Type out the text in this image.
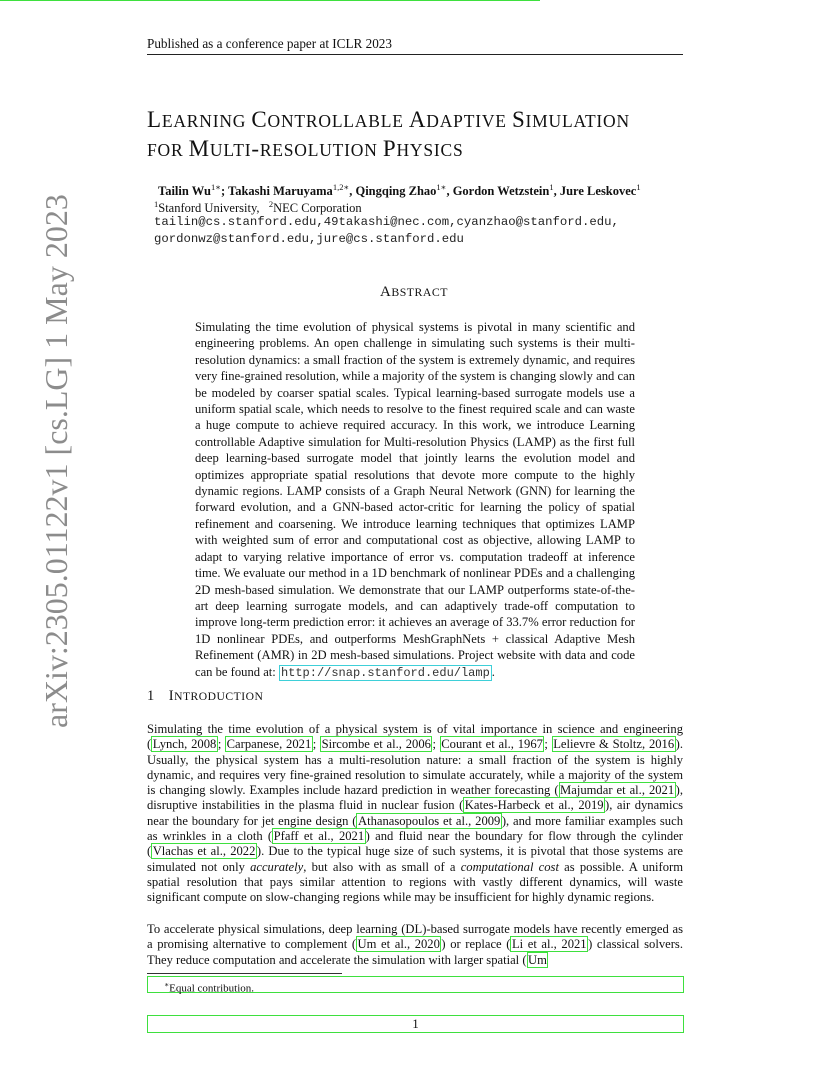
Published as a conference paper at ICLR 2023
LEARNING CONTROLLABLE ADAPTIVE SIMULATION
FOR MULTI-RESOLUTION PHYSICS
Tailin $Wu^{1∗}$; Takashi Maruyama$^{1,2∗}$, Qingqing Zhao$^{1∗}$, Gordon Wetzstein$^1$, Jure Leskovec$^1$
$^1$Stanford University, $^2$NEC Corporation
tailin@cs.stanford.edu,49takashi@nec.com,cyanzhao@stanford.edu,
gordonwz@stanford.edu,jure@cs.stanford.edu
ABSTRACT
Simulating the time evolution of physical systems is pivotal in many scientific and engineering problems. An open challenge in simulating such systems is their multi-resolution dynamics: a small fraction of the system is extremely dynamic, and requires very fine-grained resolution, while a majority of the system is changing slowly and can be modeled by coarser spatial scales. Typical learning-based surrogate models use a uniform spatial scale, which needs to resolve to the finest required scale and can waste a huge compute to achieve required accuracy. In this work, we introduce Learning controllable Adaptive simulation for Multi-resolution Physics (LAMP) as the first full deep learning-based surrogate model that jointly learns the evolution model and optimizes appropriate spatial resolutions that devote more compute to the highly dynamic regions. LAMP consists of a Graph Neural Network (GNN) for learning the forward evolution, and a GNN-based actor-critic for learning the policy of spatial refinement and coarsening. We introduce learning techniques that optimizes LAMP with weighted sum of error and computational cost as objective, allowing LAMP to adapt to varying relative importance of error vs. computation tradeoff at inference time. We evaluate our method in a 1D benchmark of nonlinear PDEs and a challenging 2D mesh-based simulation. We demonstrate that our LAMP outperforms state-of-the-art deep learning surrogate models, and can adaptively trade-off computation to improve long-term prediction error: it achieves an average of 33.7% error reduction for 1D nonlinear PDEs, and outperforms MeshGraphNets + classical Adaptive Mesh Refinement (AMR) in 2D mesh-based simulations. Project website with data and code can be found at: http://snap.stanford.edu/lamp .
1 INTRODUCTION
Simulating the time evolution of a physical system is of vital importance in science and engineering ( Lynch, 2008 ; Carpanese, 2021 ; Sircombe et al., 2006 ; Courant et al., 1967 ; Lelievre & Stoltz, 2016 ). Usually, the physical system has a multi-resolution nature: a small fraction of the system is highly dynamic, and requires very fine-grained resolution to simulate accurately, while a majority of the system is changing slowly. Examples include hazard prediction in weather forecasting ( Majumdar et al., 2021 ), disruptive instabilities in the plasma fluid in nuclear fusion ( Kates-Harbeck et al., 2019 ), air dynamics near the boundary for jet engine design ( Athanasopoulos et al., 2009 ), and more familiar examples such as wrinkles in a cloth ( Pfaff et al., 2021 ) and fluid near the boundary for flow through the cylinder ( Vlachas et al., 2022 ). Due to the typical huge size of such systems, it is pivotal that those systems are simulated not only accurately, but also with as small of a computational cost as possible. A uniform spatial resolution that pays similar attention to regions with vastly different dynamics, will waste significant compute on slow-changing regions while may be insufficient for highly dynamic regions.
To accelerate physical simulations, deep learning (DL)-based surrogate models have recently emerged as a promising alternative to complement ( Um et al., 2020 ) or replace ( Li et al., 2021 ) classical solvers. They reduce computation and accelerate the simulation with larger spatial ( Um
∗Equal contribution.
1
arXiv:2305.01122v1 [cs.LG] 1 May 2023
